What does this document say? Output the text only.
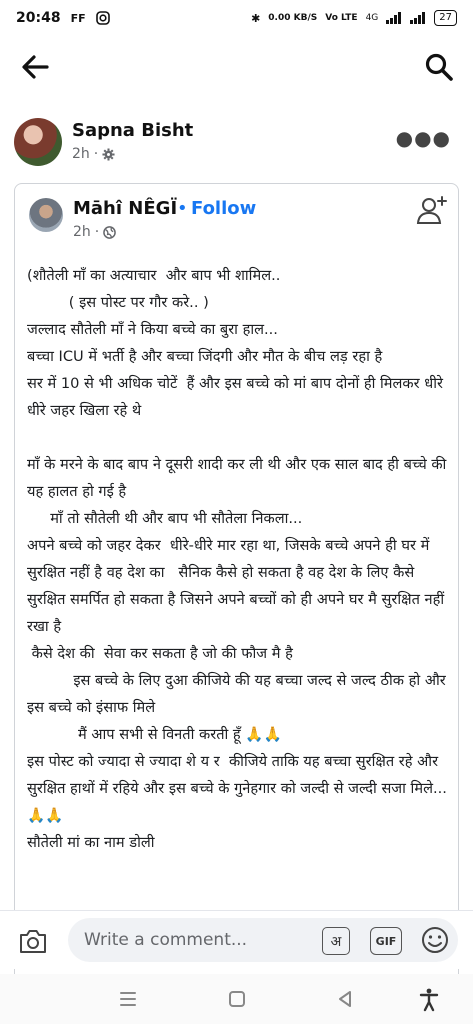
20:48 FF	✱ 0.00 KB/S Vo LTE 4G	27
Sapna Bisht
2h ·
●●●
Māhî NÊGÏ • Follow
2h ·
(शौतेली माँ का अत्याचार  और बाप भी शामिल..
( इस पोस्ट पर गौर करे.. )
जल्लाद सौतेली माँ ने किया बच्चे का बुरा हाल...
बच्चा ICU में भर्ती है और बच्चा जिंदगी और मौत के बीच लड़ रहा है
सर में 10 से भी अधिक चोटें  हैं और इस बच्चे को मां बाप दोनों ही मिलकर धीरे धीरे जहर खिला रहे थे

माँ के मरने के बाद बाप ने दूसरी शादी कर ली थी और एक साल बाद ही बच्चे की यह हालत हो गई है
माँ तो सौतेली थी और बाप भी सौतेला निकला...
अपने बच्चे को जहर देकर  धीरे-धीरे मार रहा था, जिसके बच्चे अपने ही घर में सुरक्षित नहीं है वह देश का   सैनिक कैसे हो सकता है वह देश के लिए कैसे सुरक्षित समर्पित हो सकता है जिसने अपने बच्चों को ही अपने घर मै सुरक्षित नहीं रखा है
कैसे देश की  सेवा कर सकता है जो की फौज मै है
इस बच्चे के लिए दुआ कीजिये की यह बच्चा जल्द से जल्द ठीक हो और इस बच्चे को इंसाफ मिले
मैं आप सभी से विनती करती हूँ 🙏🙏
इस पोस्ट को ज्यादा से ज्यादा शे य र  कीजिये ताकि यह बच्चा सुरक्षित रहे और सुरक्षित हाथों में रहिये और इस बच्चे के गुनेहगार को जल्दी से जल्दी सजा मिले...🙏🙏
सौतेली मां का नाम डोली
Write a comment...	अ	GIF
